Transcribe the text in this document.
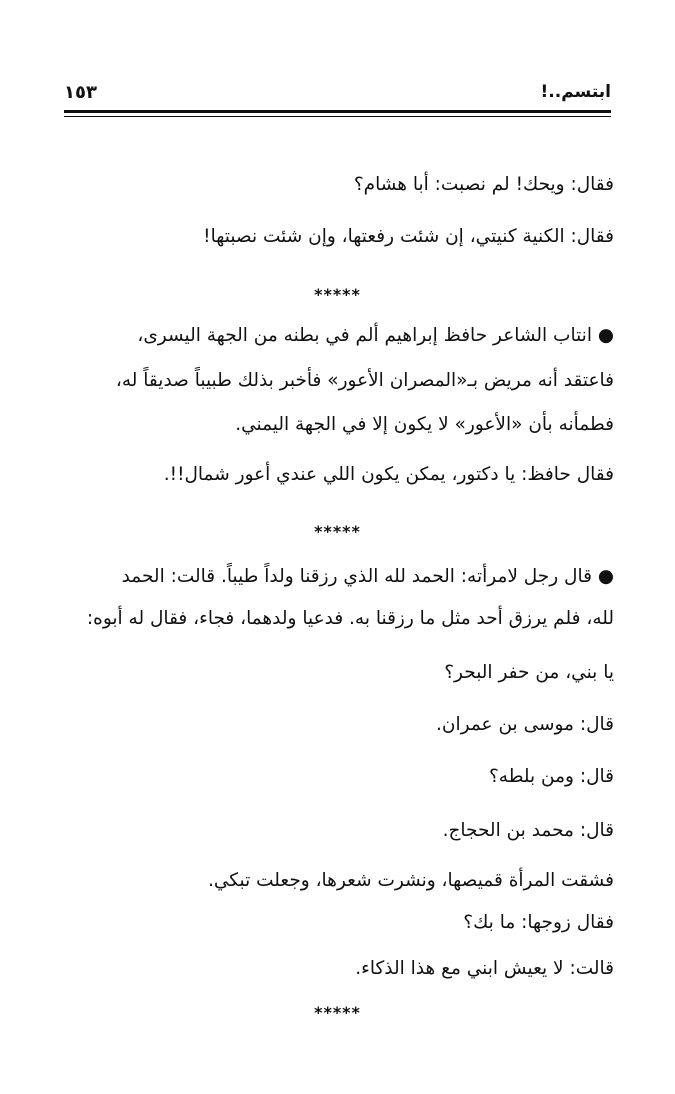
ابتسم..!
١٥٣
فقال: ويحك! لم نصبت: أبا هشام؟
فقال: الكنية كنيتي، إن شئت رفعتها، وإن شئت نصبتها!
*****
● انتاب الشاعر حافظ إبراهيم ألم في بطنه من الجهة اليسرى،
فاعتقد أنه مريض بـ«المصران الأعور» فأخبر بذلك طبيباً صديقاً له،
فطمأنه بأن «الأعور» لا يكون إلا في الجهة اليمني.
فقال حافظ: يا دكتور، يمكن يكون اللي عندي أعور شمال!!.
*****
● قال رجل لامرأته: الحمد لله الذي رزقنا ولداً طيباً. قالت: الحمد
لله، فلم يرزق أحد مثل ما رزقنا به. فدعيا ولدهما، فجاء، فقال له أبوه:
يا بني، من حفر البحر؟
قال: موسى بن عمران.
قال: ومن بلطه؟
قال: محمد بن الحجاج.
فشقت المرأة قميصها، ونشرت شعرها، وجعلت تبكي.
فقال زوجها: ما بك؟
قالت: لا يعيش ابني مع هذا الذكاء.
*****
